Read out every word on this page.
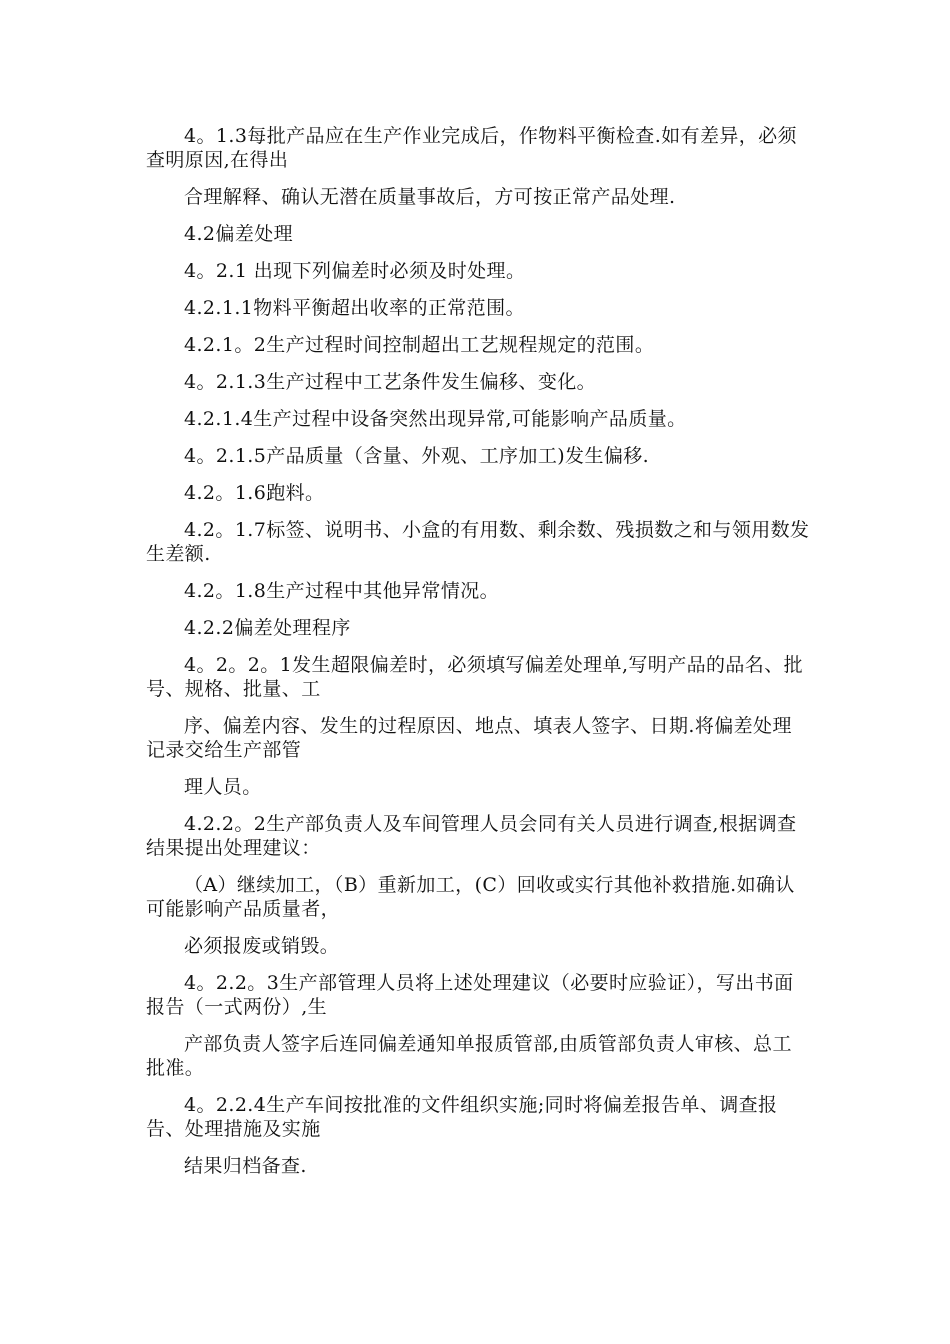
4。1.3每批产品应在生产作业完成后，作物料平衡检查.如有差异，必须查明原因,在得出

合理解释、确认无潜在质量事故后，方可按正常产品处理.

4.2偏差处理

4。2.1 出现下列偏差时必须及时处理。

4.2.1.1物料平衡超出收率的正常范围。

4.2.1。2生产过程时间控制超出工艺规程规定的范围。

4。2.1.3生产过程中工艺条件发生偏移、变化。

4.2.1.4生产过程中设备突然出现异常,可能影响产品质量。

4。2.1.5产品质量（含量、外观、工序加工)发生偏移.

4.2。1.6跑料。

4.2。1.7标签、说明书、小盒的有用数、剩余数、残损数之和与领用数发生差额.

4.2。1.8生产过程中其他异常情况。

4.2.2偏差处理程序

4。2。2。1发生超限偏差时，必须填写偏差处理单,写明产品的品名、批号、规格、批量、工

序、偏差内容、发生的过程原因、地点、填表人签字、日期.将偏差处理记录交给生产部管

理人员。

4.2.2。2生产部负责人及车间管理人员会同有关人员进行调查,根据调查结果提出处理建议：

（A）继续加工，（B）重新加工，(C）回收或实行其他补救措施.如确认可能影响产品质量者，

必须报废或销毁。

4。2.2。3生产部管理人员将上述处理建议（必要时应验证），写出书面报告（一式两份）,生

产部负责人签字后连同偏差通知单报质管部,由质管部负责人审核、总工批准。

4。2.2.4生产车间按批准的文件组织实施;同时将偏差报告单、调查报告、处理措施及实施

结果归档备查.
